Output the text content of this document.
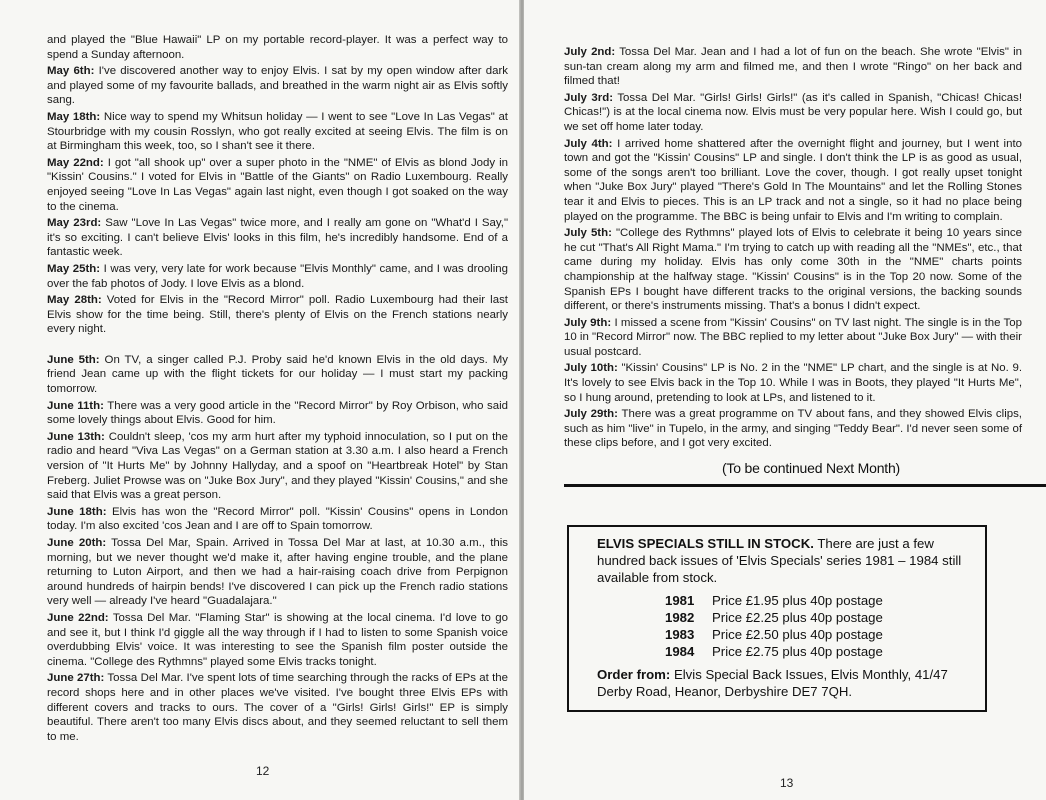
and played the "Blue Hawaii" LP on my portable record-player. It was a perfect way to spend a Sunday afternoon.

May 6th: I've discovered another way to enjoy Elvis. I sat by my open window after dark and played some of my favourite ballads, and breathed in the warm night air as Elvis softly sang.

May 18th: Nice way to spend my Whitsun holiday — I went to see "Love In Las Vegas" at Stourbridge with my cousin Rosslyn, who got really excited at seeing Elvis. The film is on at Birmingham this week, too, so I shan't see it there.

May 22nd: I got "all shook up" over a super photo in the "NME" of Elvis as blond Jody in "Kissin' Cousins." I voted for Elvis in "Battle of the Giants" on Radio Luxembourg. Really enjoyed seeing "Love In Las Vegas" again last night, even though I got soaked on the way to the cinema.

May 23rd: Saw "Love In Las Vegas" twice more, and I really am gone on "What'd I Say," it's so exciting. I can't believe Elvis' looks in this film, he's incredibly handsome. End of a fantastic week.

May 25th: I was very, very late for work because "Elvis Monthly" came, and I was drooling over the fab photos of Jody. I love Elvis as a blond.

May 28th: Voted for Elvis in the "Record Mirror" poll. Radio Luxembourg had their last Elvis show for the time being. Still, there's plenty of Elvis on the French stations nearly every night.

June 5th: On TV, a singer called P.J. Proby said he'd known Elvis in the old days. My friend Jean came up with the flight tickets for our holiday — I must start my packing tomorrow.

June 11th: There was a very good article in the "Record Mirror" by Roy Orbison, who said some lovely things about Elvis. Good for him.

June 13th: Couldn't sleep, 'cos my arm hurt after my typhoid innoculation, so I put on the radio and heard "Viva Las Vegas" on a German station at 3.30 a.m. I also heard a French version of "It Hurts Me" by Johnny Hallyday, and a spoof on "Heartbreak Hotel" by Stan Freberg. Juliet Prowse was on "Juke Box Jury", and they played "Kissin' Cousins," and she said that Elvis was a great person.

June 18th: Elvis has won the "Record Mirror" poll. "Kissin' Cousins" opens in London today. I'm also excited 'cos Jean and I are off to Spain tomorrow.

June 20th: Tossa Del Mar, Spain. Arrived in Tossa Del Mar at last, at 10.30 a.m., this morning, but we never thought we'd make it, after having engine trouble, and the plane returning to Luton Airport, and then we had a hair-raising coach drive from Perpignon around hundreds of hairpin bends! I've discovered I can pick up the French radio stations very well — already I've heard "Guadalajara."

June 22nd: Tossa Del Mar. "Flaming Star" is showing at the local cinema. I'd love to go and see it, but I think I'd giggle all the way through if I had to listen to some Spanish voice overdubbing Elvis' voice. It was interesting to see the Spanish film poster outside the cinema. "College des Rythmns" played some Elvis tracks tonight.

June 27th: Tossa Del Mar. I've spent lots of time searching through the racks of EPs at the record shops here and in other places we've visited. I've bought three Elvis EPs with different covers and tracks to ours. The cover of a "Girls! Girls! Girls!" EP is simply beautiful. There aren't too many Elvis discs about, and they seemed reluctant to sell them to me.

12

July 2nd: Tossa Del Mar. Jean and I had a lot of fun on the beach. She wrote "Elvis" in sun-tan cream along my arm and filmed me, and then I wrote "Ringo" on her back and filmed that!

July 3rd: Tossa Del Mar. "Girls! Girls! Girls!" (as it's called in Spanish, "Chicas! Chicas! Chicas!") is at the local cinema now. Elvis must be very popular here. Wish I could go, but we set off home later today.

July 4th: I arrived home shattered after the overnight flight and journey, but I went into town and got the "Kissin' Cousins" LP and single. I don't think the LP is as good as usual, some of the songs aren't too brilliant. Love the cover, though. I got really upset tonight when "Juke Box Jury" played "There's Gold In The Mountains" and let the Rolling Stones tear it and Elvis to pieces. This is an LP track and not a single, so it had no place being played on the programme. The BBC is being unfair to Elvis and I'm writing to complain.

July 5th: "College des Rythmns" played lots of Elvis to celebrate it being 10 years since he cut "That's All Right Mama." I'm trying to catch up with reading all the "NMEs", etc., that came during my holiday. Elvis has only come 30th in the "NME" charts points championship at the halfway stage. "Kissin' Cousins" is in the Top 20 now. Some of the Spanish EPs I bought have different tracks to the original versions, the backing sounds different, or there's instruments missing. That's a bonus I didn't expect.

July 9th: I missed a scene from "Kissin' Cousins" on TV last night. The single is in the Top 10 in "Record Mirror" now. The BBC replied to my letter about "Juke Box Jury" — with their usual postcard.

July 10th: "Kissin' Cousins" LP is No. 2 in the "NME" LP chart, and the single is at No. 9. It's lovely to see Elvis back in the Top 10. While I was in Boots, they played "It Hurts Me", so I hung around, pretending to look at LPs, and listened to it.

July 29th: There was a great programme on TV about fans, and they showed Elvis clips, such as him "live" in Tupelo, in the army, and singing "Teddy Bear". I'd never seen some of these clips before, and I got very excited.

(To be continued Next Month)
ELVIS SPECIALS STILL IN STOCK. There are just a few hundred back issues of 'Elvis Specials' series 1981 – 1984 still available from stock.
1981	Price £1.95 plus 40p postage
1982	Price £2.25 plus 40p postage
1983	Price £2.50 plus 40p postage
1984	Price £2.75 plus 40p postage
Order from: Elvis Special Back Issues, Elvis Monthly, 41/47 Derby Road, Heanor, Derbyshire DE7 7QH.
13
